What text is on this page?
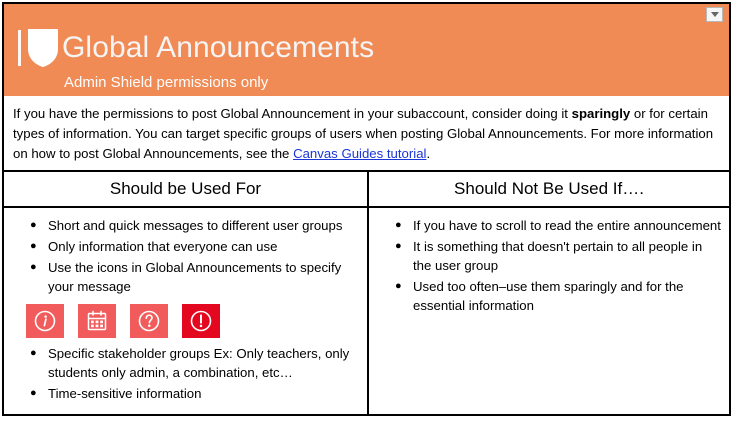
Global Announcements
Admin Shield permissions only
If you have the permissions to post Global Announcement in your subaccount, consider doing it sparingly or for certain types of information. You can target specific groups of users when posting Global Announcements. For more information on how to post Global Announcements, see the Canvas Guides tutorial.
Should be Used For
● Short and quick messages to different user groups
● Only information that everyone can use
● Use the icons in Global Announcements to specify your message
● Specific stakeholder groups Ex: Only teachers, only students only admin, a combination, etc…
● Time-sensitive information
Should Not Be Used If….
● If you have to scroll to read the entire announcement
● It is something that doesn't pertain to all people in the user group
● Used too often–use them sparingly and for the essential information
